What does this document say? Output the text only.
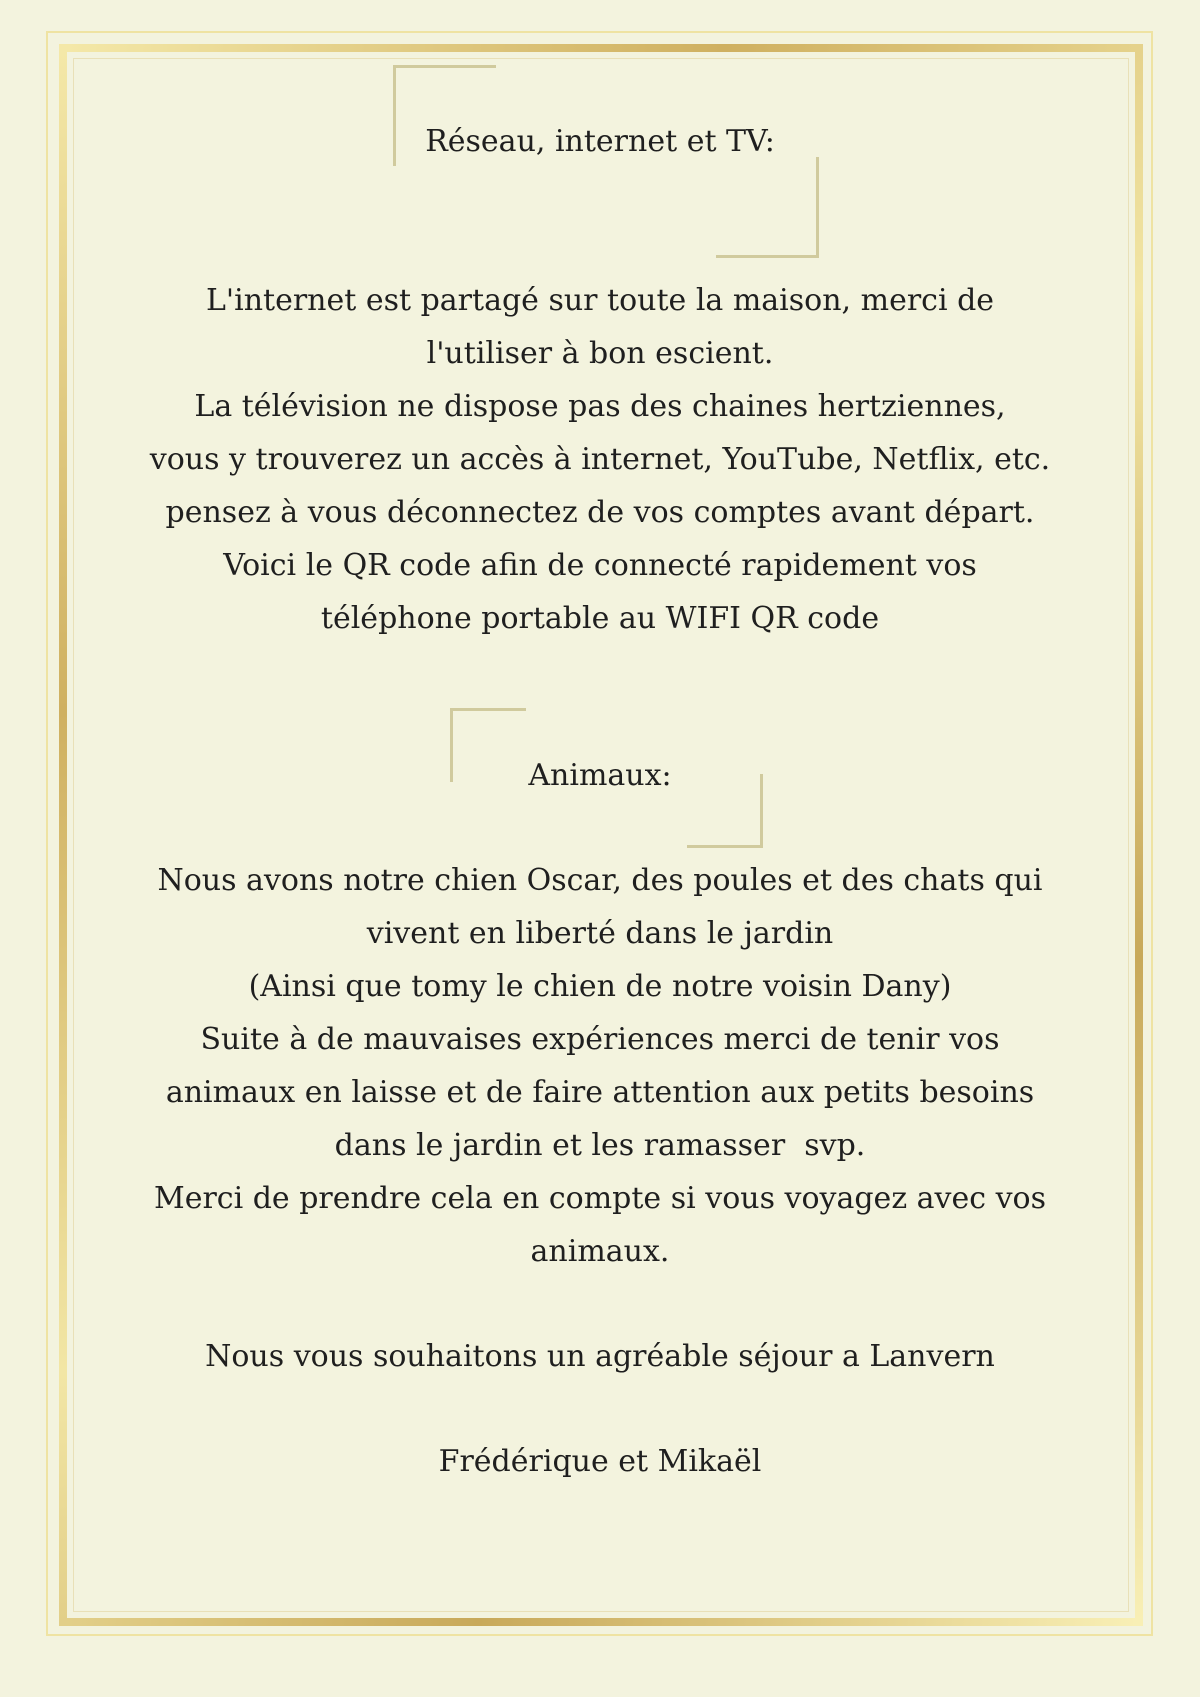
Réseau, internet et TV:
L'internet est partagé sur toute la maison, merci de
l'utiliser à bon escient.
La télévision ne dispose pas des chaines hertziennes,
vous y trouverez un accès à internet, YouTube, Netflix, etc.
pensez à vous déconnectez de vos comptes avant départ.
Voici le QR code afin de connecté rapidement vos
téléphone portable au WIFI QR code
Animaux:
Nous avons notre chien Oscar, des poules et des chats qui
vivent en liberté dans le jardin
(Ainsi que tomy le chien de notre voisin Dany)
Suite à de mauvaises expériences merci de tenir vos
animaux en laisse et de faire attention aux petits besoins
dans le jardin et les ramasser  svp.
Merci de prendre cela en compte si vous voyagez avec vos
animaux.
Nous vous souhaitons un agréable séjour a Lanvern
Frédérique et Mikaël
